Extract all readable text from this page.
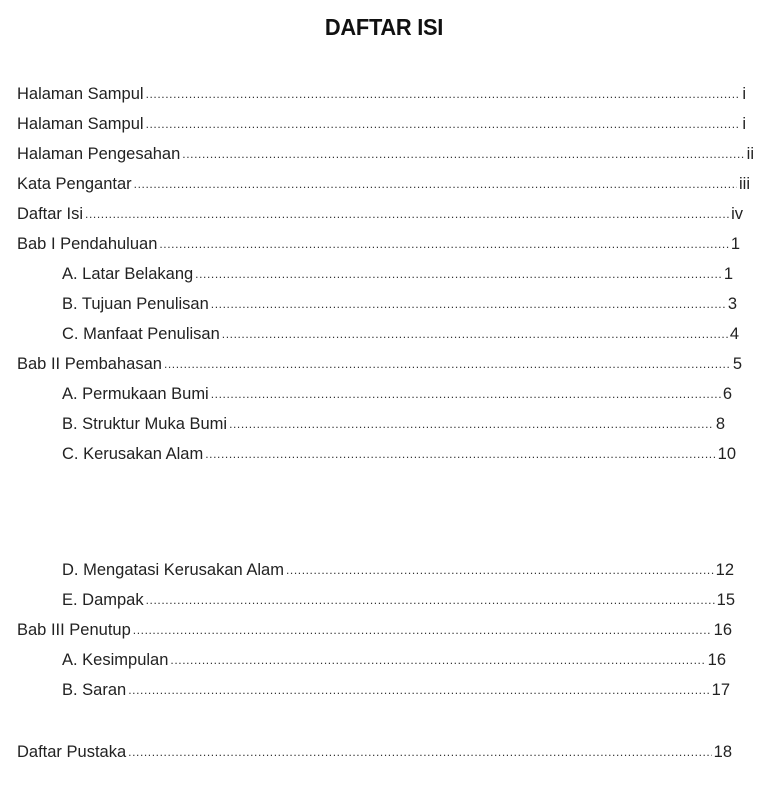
DAFTAR ISI
Halaman Sampul .....	i
Halaman Sampul .....	i
Halaman Pengesahan .....	ii
Kata Pengantar .....	iii
Daftar Isi .....	iv
Bab I Pendahuluan .....	1
A. Latar Belakang .....	1
B. Tujuan Penulisan .....	3
C. Manfaat Penulisan .....	4
Bab II Pembahasan .....	5
A. Permukaan Bumi .....	6
B. Struktur Muka Bumi .....	8
C. Kerusakan Alam .....	10
D. Mengatasi Kerusakan Alam .....	12
E. Dampak .....	15
Bab III Penutup .....	16
A. Kesimpulan .....	16
B. Saran .....	17
Daftar Pustaka .....	18
